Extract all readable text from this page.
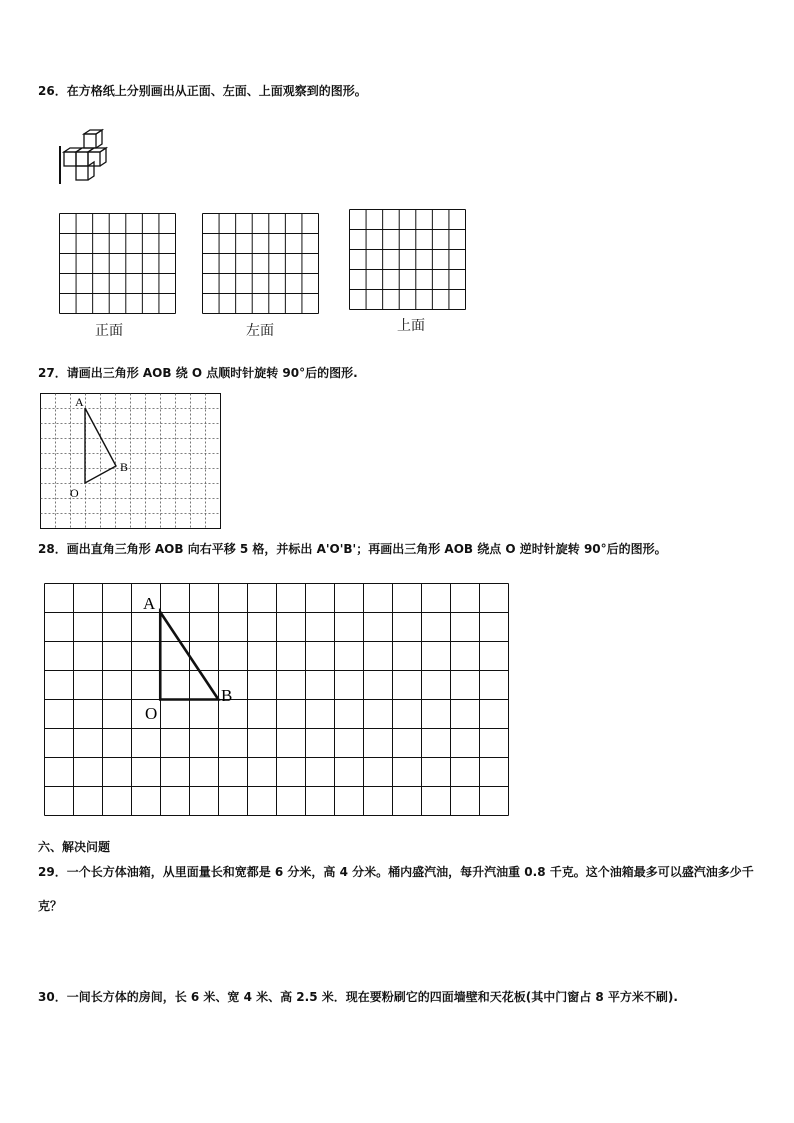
26．在方格纸上分别画出从正面、左面、上面观察到的图形。
正面	左面	上面
27．请画出三角形 AOB 绕 O 点顺时针旋转 90°后的图形.
A
B
O
28．画出直角三角形 AOB 向右平移 5 格，并标出 A'O'B'；再画出三角形 AOB 绕点 O 逆时针旋转 90°后的图形。
A
B
O
六、解决问题
29．一个长方体油箱，从里面量长和宽都是 6 分米，高 4 分米。桶内盛汽油，每升汽油重 0.8 千克。这个油箱最多可以盛汽油多少千克？
30．一间长方体的房间，长 6 米、宽 4 米、高 2.5 米．现在要粉刷它的四面墙壁和天花板(其中门窗占 8 平方米不刷).
